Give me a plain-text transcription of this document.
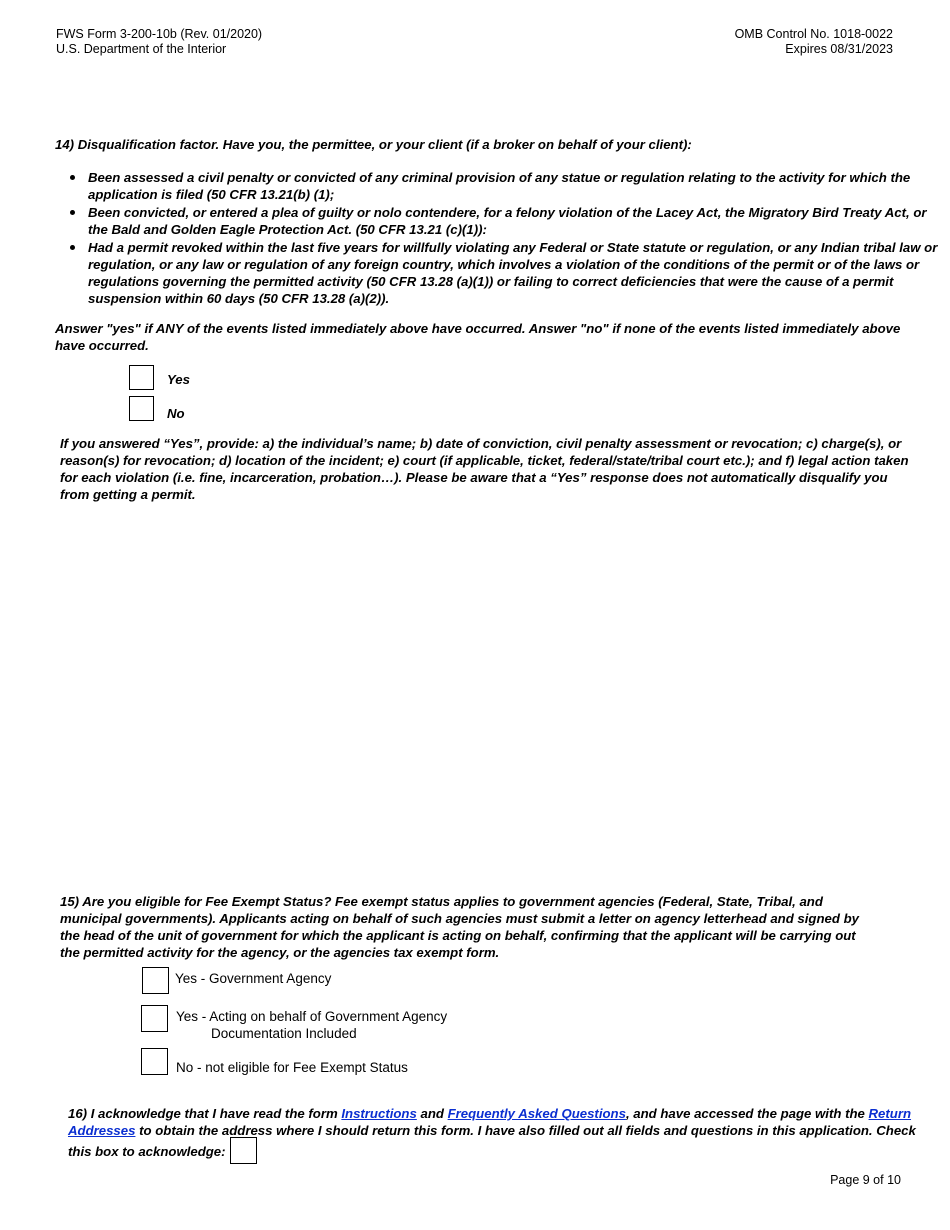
FWS Form 3-200-10b (Rev. 01/2020)
U.S. Department of the Interior
OMB Control No. 1018-0022
Expires 08/31/2023
14) Disqualification factor. Have you, the permittee, or your client (if a broker on behalf of your client):
Been assessed a civil penalty or convicted of any criminal provision of any statue or regulation relating to the activity for which the application is filed (50 CFR 13.21(b) (1);
Been convicted, or entered a plea of guilty or nolo contendere, for a felony violation of the Lacey Act, the Migratory Bird Treaty Act, or the Bald and Golden Eagle Protection Act. (50 CFR 13.21 (c)(1)):
Had a permit revoked within the last five years for willfully violating any Federal or State statute or regulation, or any Indian tribal law or regulation, or any law or regulation of any foreign country, which involves a violation of the conditions of the permit or of the laws or regulations governing the permitted activity (50 CFR 13.28 (a)(1)) or failing to correct deficiencies that were the cause of a permit suspension within 60 days (50 CFR 13.28 (a)(2)).
Answer "yes" if ANY of the events listed immediately above have occurred. Answer "no" if none of the events listed immediately above have occurred.
Yes
No
If you answered “Yes”, provide: a) the individual’s name; b) date of conviction, civil penalty assessment or revocation; c) charge(s), or reason(s) for revocation; d) location of the incident; e) court (if applicable, ticket, federal/state/tribal court etc.); and f) legal action taken for each violation (i.e. fine, incarceration, probation…). Please be aware that a “Yes” response does not automatically disqualify you from getting a permit.
15) Are you eligible for Fee Exempt Status? Fee exempt status applies to government agencies (Federal, State, Tribal, and municipal governments). Applicants acting on behalf of such agencies must submit a letter on agency letterhead and signed by the head of the unit of government for which the applicant is acting on behalf, confirming that the applicant will be carrying out the permitted activity for the agency, or the agencies tax exempt form.
Yes - Government Agency
Yes - Acting on behalf of Government Agency
Documentation Included
No - not eligible for Fee Exempt Status
16) I acknowledge that I have read the form Instructions and Frequently Asked Questions, and have accessed the page with the Return Addresses to obtain the address where I should return this form. I have also filled out all fields and questions in this application. Check this box to acknowledge:
Page 9 of 10
